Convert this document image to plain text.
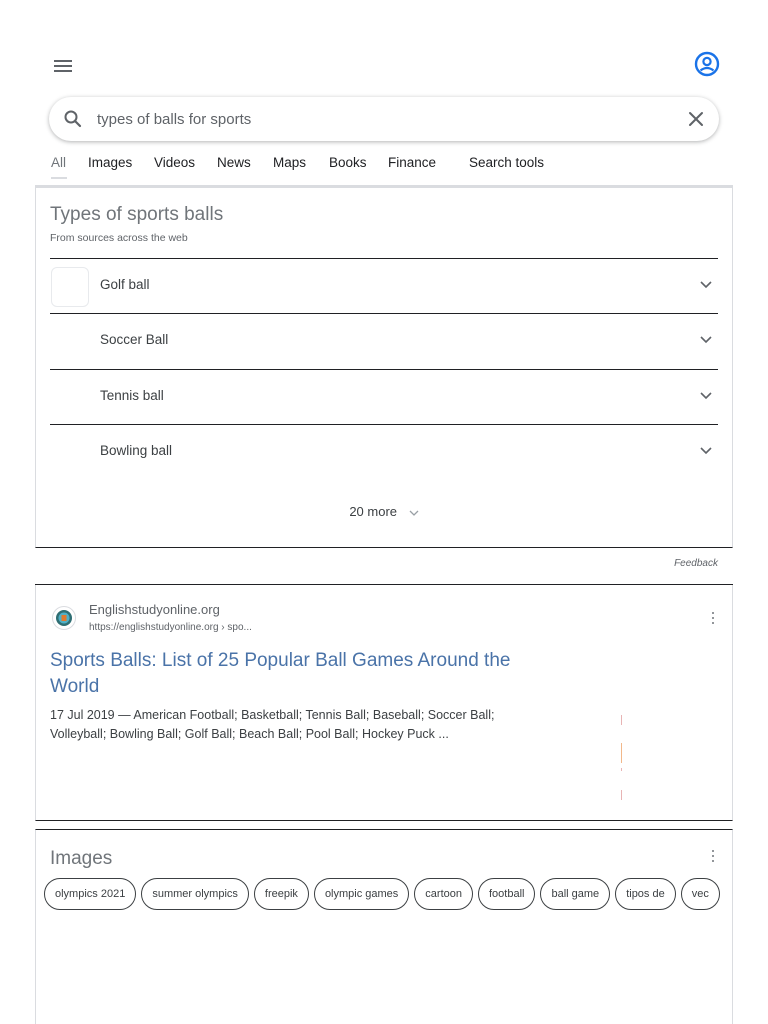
types of balls for sports
All Images Videos News Maps Books Finance Search tools
Types of sports balls
From sources across the web
Golf ball
Soccer Ball
Tennis ball
Bowling ball
20 more
Feedback
Englishstudyonline.org
https://englishstudyonline.org › spo...
Sports Balls: List of 25 Popular Ball Games Around the World
17 Jul 2019 — American Football; Basketball; Tennis Ball; Baseball; Soccer Ball; Volleyball; Bowling Ball; Golf Ball; Beach Ball; Pool Ball; Hockey Puck ...
Images
olympics 2021 summer olympics freepik olympic games cartoon football ball game tipos de vec
